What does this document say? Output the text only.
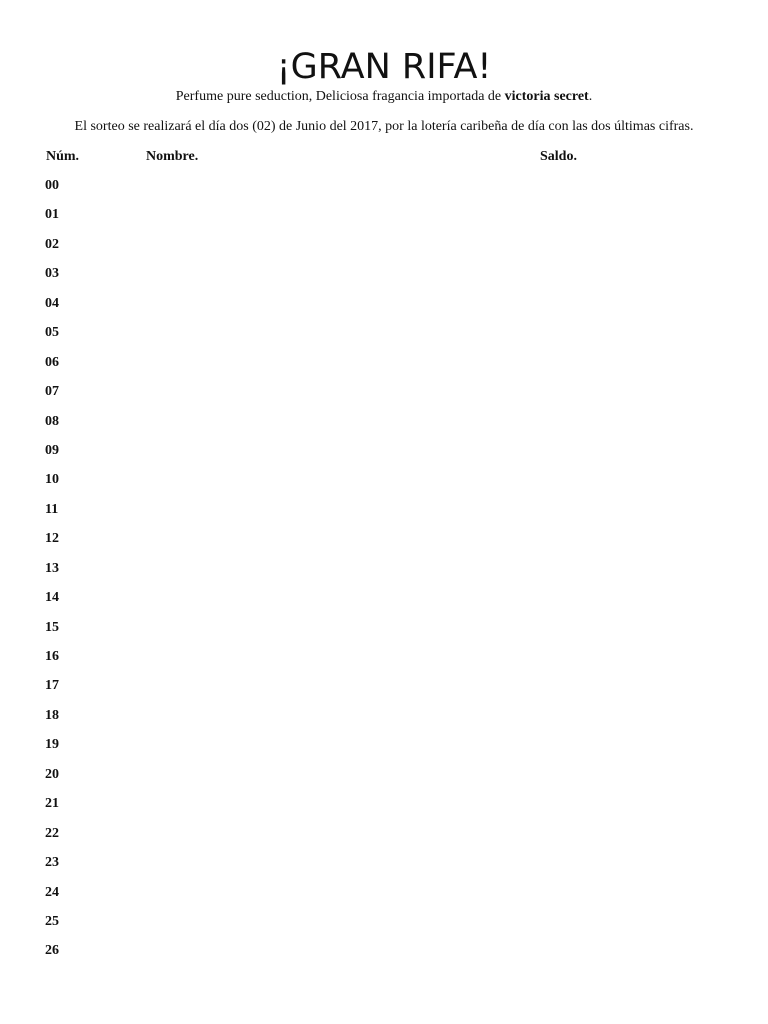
¡GRAN RIFA!

Perfume pure seduction, Deliciosa fragancia importada de victoria secret.

El sorteo se realizará el día dos (02) de Junio del 2017, por la lotería caribeña de día con las dos últimas cifras.

Núm.	Nombre.	Saldo.
00
01
02
03
04
05
06
07
08
09
10
11
12
13
14
15
16
17
18
19
20
21
22
23
24
25
26
